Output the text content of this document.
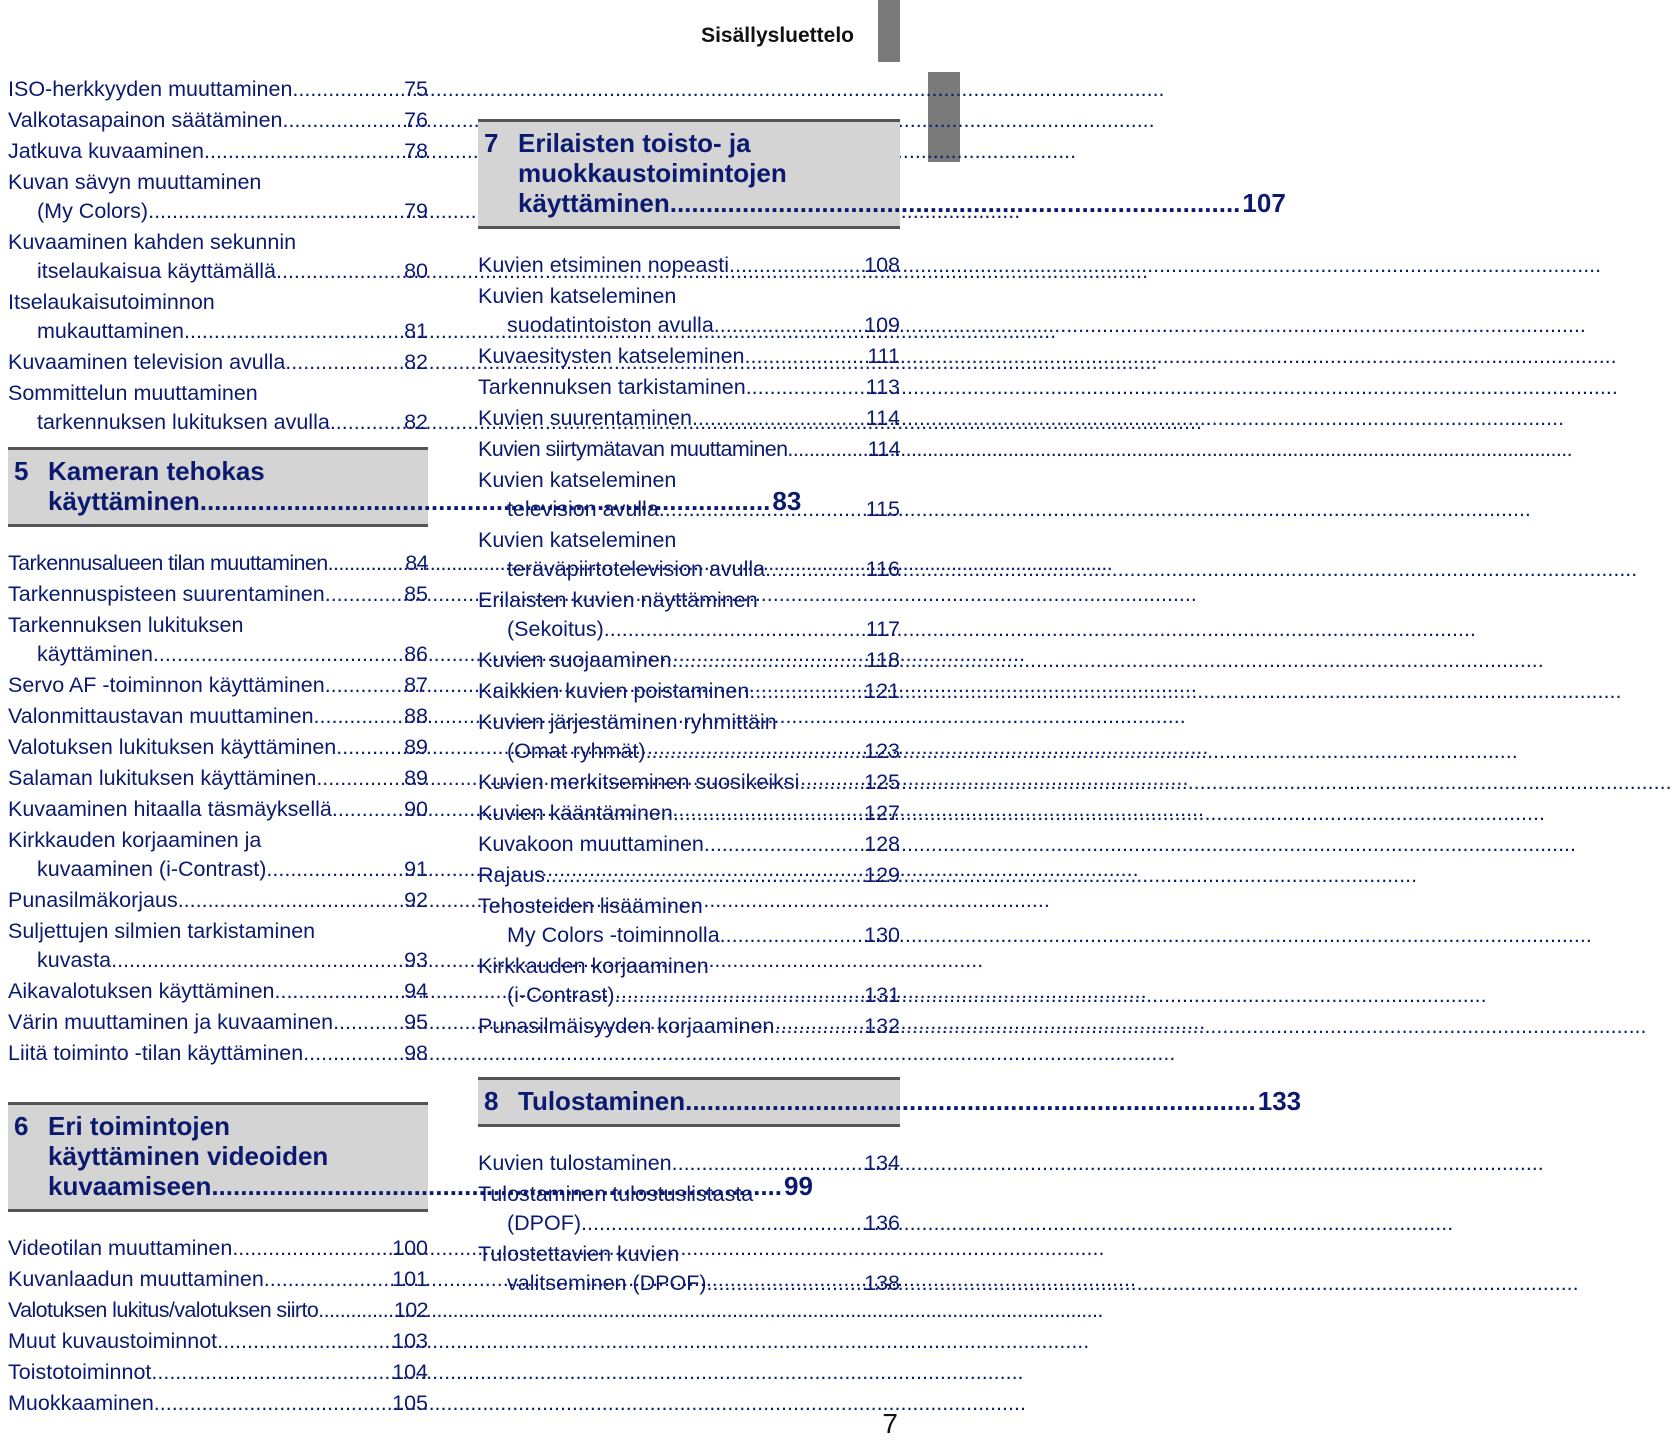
Sisällysluettelo
ISO-herkkyyden muuttaminen .....	75
Valkotasapainon säätäminen .....	76
Jatkuva kuvaaminen .....	78
Kuvan sävyn muuttaminen
(My Colors) .....	79
Kuvaaminen kahden sekunnin
itselaukaisua käyttämällä .....	80
Itselaukaisutoiminnon
mukauttaminen .....	81
Kuvaaminen television avulla .....	82
Sommittelun muuttaminen
tarkennuksen lukituksen avulla .....	82
5 Kameran tehokas
käyttäminen .....	83
Tarkennusalueen tilan muuttaminen .....	84
Tarkennuspisteen suurentaminen .....	85
Tarkennuksen lukituksen
käyttäminen .....	86
Servo AF -toiminnon käyttäminen .....	87
Valonmittaustavan muuttaminen .....	88
Valotuksen lukituksen käyttäminen .....	89
Salaman lukituksen käyttäminen .....	89
Kuvaaminen hitaalla täsmäyksellä .....	90
Kirkkauden korjaaminen ja
kuvaaminen (i-Contrast) .....	91
Punasilmäkorjaus .....	92
Suljettujen silmien tarkistaminen
kuvasta .....	93
Aikavalotuksen käyttäminen .....	94
Värin muuttaminen ja kuvaaminen .....	95
Liitä toiminto -tilan käyttäminen .....	98
6 Eri toimintojen
käyttäminen videoiden
kuvaamiseen .....	99
Videotilan muuttaminen .....	100
Kuvanlaadun muuttaminen .....	101
Valotuksen lukitus/valotuksen siirto .....	102
Muut kuvaustoiminnot .....	103
Toistotoiminnot .....	104
Muokkaaminen .....	105
7 Erilaisten toisto- ja
muokkaustoimintojen
käyttäminen .....	107
Kuvien etsiminen nopeasti .....	108
Kuvien katseleminen
suodatintoiston avulla .....	109
Kuvaesitysten katseleminen .....	111
Tarkennuksen tarkistaminen .....	113
Kuvien suurentaminen .....	114
Kuvien siirtymätavan muuttaminen .....	114
Kuvien katseleminen
television avulla .....	115
Kuvien katseleminen
teräväpiirtotelevision avulla .....	116
Erilaisten kuvien näyttäminen
(Sekoitus) .....	117
Kuvien suojaaminen .....	118
Kaikkien kuvien poistaminen .....	121
Kuvien järjestäminen ryhmittäin
(Omat ryhmät) .....	123
Kuvien merkitseminen suosikeiksi .....	125
Kuvien kääntäminen .....	127
Kuvakoon muuttaminen .....	128
Rajaus .....	129
Tehosteiden lisääminen
My Colors -toiminnolla .....	130
Kirkkauden korjaaminen
(i-Contrast) .....	131
Punasilmäisyyden korjaaminen .....	132
8 Tulostaminen .....	133
Kuvien tulostaminen .....	134
Tulostaminen tulostuslistasta
(DPOF) .....	136
Tulostettavien kuvien
valitseminen (DPOF) .....	138
7
